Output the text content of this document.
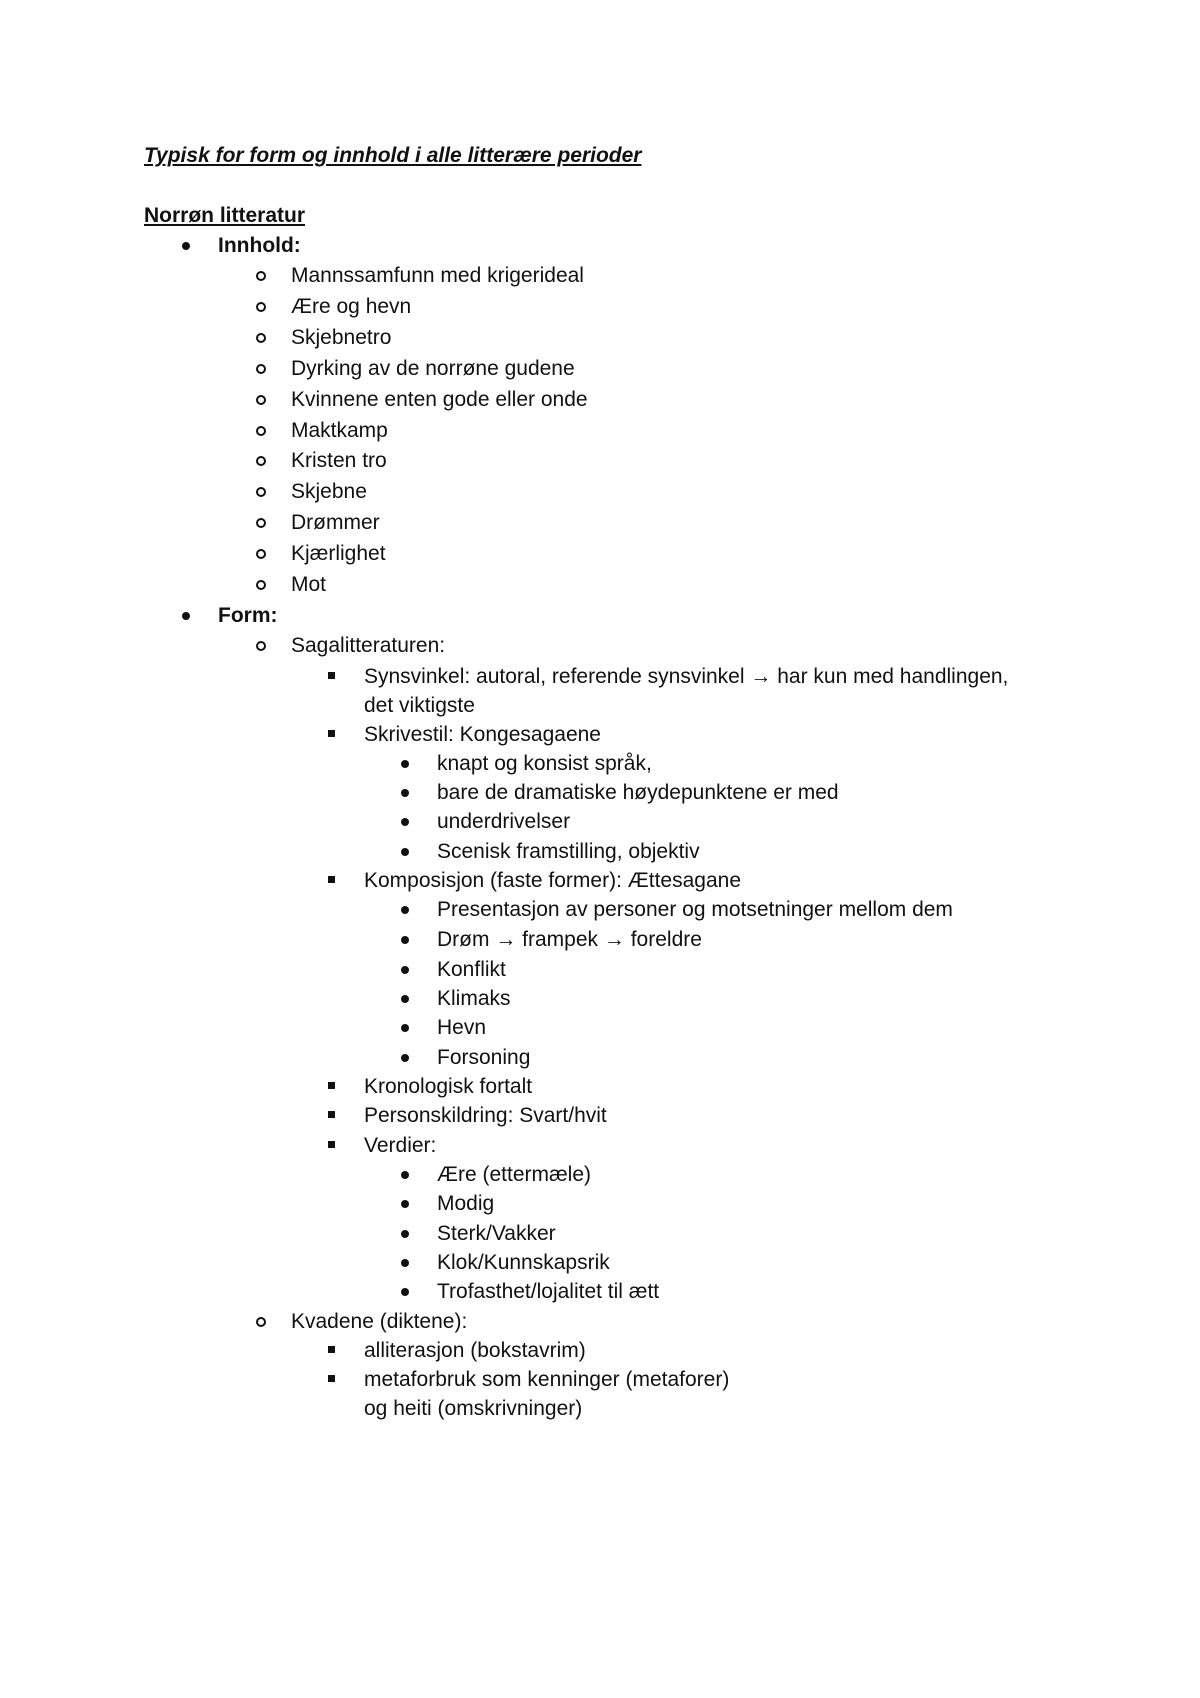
Typisk for form og innhold i alle litterære perioder
Norrøn litteratur
Innhold:
Mannssamfunn med krigerideal
Ære og hevn
Skjebnetro
Dyrking av de norrøne gudene
Kvinnene enten gode eller onde
Maktkamp
Kristen tro
Skjebne
Drømmer
Kjærlighet
Mot
Form:
Sagalitteraturen:
Synsvinkel: autoral, referende synsvinkel → har kun med handlingen,
det viktigste
Skrivestil: Kongesagaene
knapt og konsist språk,
bare de dramatiske høydepunktene er med
underdrivelser
Scenisk framstilling, objektiv
Komposisjon (faste former): Ættesagane
Presentasjon av personer og motsetninger mellom dem
Drøm → frampek → foreldre
Konflikt
Klimaks
Hevn
Forsoning
Kronologisk fortalt
Personskildring: Svart/hvit
Verdier:
Ære (ettermæle)
Modig
Sterk/Vakker
Klok/Kunnskapsrik
Trofasthet/lojalitet til ætt
Kvadene (diktene):
alliterasjon (bokstavrim)
metaforbruk som kenninger (metaforer)
og heiti (omskrivninger)
